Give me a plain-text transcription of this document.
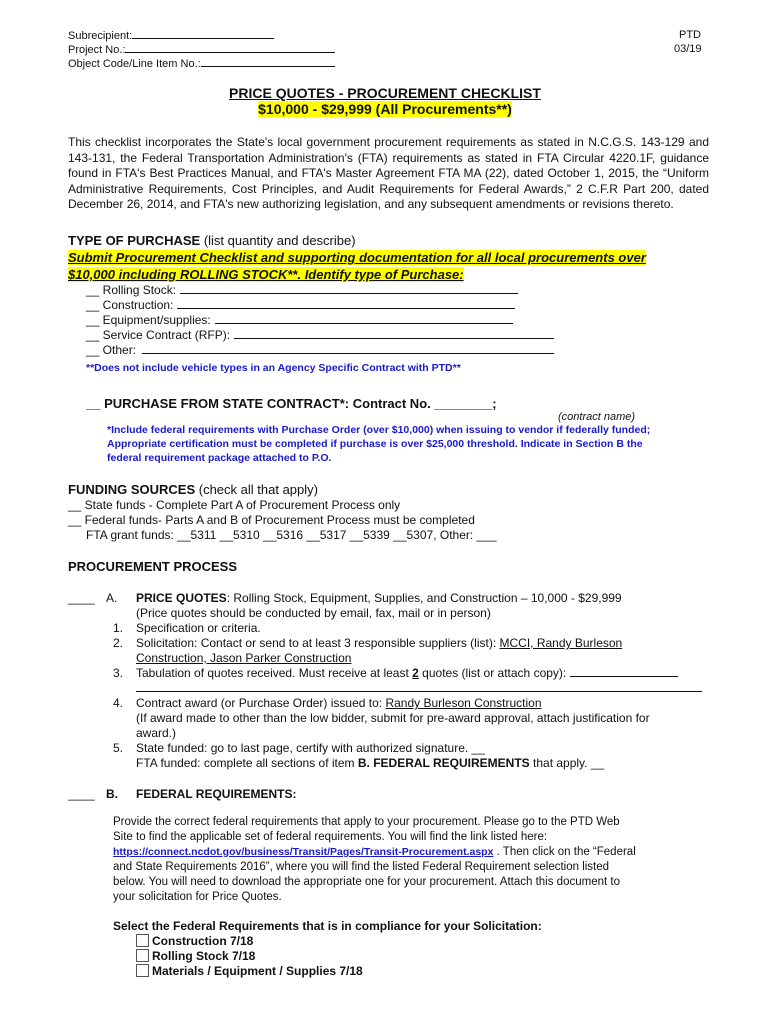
Subrecipient:
Project No.:
Object Code/Line Item No.:
PTD
03/19
PRICE QUOTES - PROCUREMENT CHECKLIST
$10,000 - $29,999 (All Procurements**)
This checklist incorporates the State's local government procurement requirements as stated in N.C.G.S. 143-129 and 143-131, the Federal Transportation Administration's (FTA) requirements as stated in FTA Circular 4220.1F, guidance found in FTA's Best Practices Manual, and FTA's Master Agreement FTA MA (22), dated October 1, 2015, the “Uniform Administrative Requirements, Cost Principles, and Audit Requirements for Federal Awards,” 2 C.F.R Part 200, dated December 26, 2014, and FTA's new authorizing legislation, and any subsequent amendments or revisions thereto.
TYPE OF PURCHASE (list quantity and describe)
Submit Procurement Checklist and supporting documentation for all local procurements over
$10,000 including ROLLING STOCK**. Identify type of Purchase:
__ Rolling Stock:
__ Construction:
__ Equipment/supplies:
__ Service Contract (RFP):
__ Other:
**Does not include vehicle types in an Agency Specific Contract with PTD**
__ PURCHASE FROM STATE CONTRACT*: Contract No. ________;
(contract name)
*Include federal requirements with Purchase Order (over $10,000) when issuing to vendor if federally funded;
Appropriate certification must be completed if purchase is over $25,000 threshold. Indicate in Section B the
federal requirement package attached to P.O.
FUNDING SOURCES (check all that apply)
__ State funds - Complete Part A of Procurement Process only
__ Federal funds- Parts A and B of Procurement Process must be completed
FTA grant funds: __5311 __5310 __5316 __5317 __5339 __5307, Other: ___
PROCUREMENT PROCESS
____ A. PRICE QUOTES: Rolling Stock, Equipment, Supplies, and Construction – 10,000 - $29,999
(Price quotes should be conducted by email, fax, mail or in person)
1. Specification or criteria.
2. Solicitation: Contact or send to at least 3 responsible suppliers (list): MCCI, Randy Burleson
Construction, Jason Parker Construction
3. Tabulation of quotes received. Must receive at least 2 quotes (list or attach copy):
4. Contract award (or Purchase Order) issued to: Randy Burleson Construction
(If award made to other than the low bidder, submit for pre-award approval, attach justification for
award.)
5. State funded: go to last page, certify with authorized signature. __
FTA funded: complete all sections of item B. FEDERAL REQUIREMENTS that apply. __
____ B. FEDERAL REQUIREMENTS:
Provide the correct federal requirements that apply to your procurement. Please go to the PTD Web
Site to find the applicable set of federal requirements. You will find the link listed here:
https://connect.ncdot.gov/business/Transit/Pages/Transit-Procurement.aspx . Then click on the “Federal
and State Requirements 2016”, where you will find the listed Federal Requirement selection listed
below. You will need to download the appropriate one for your procurement. Attach this document to
your solicitation for Price Quotes.
Select the Federal Requirements that is in compliance for your Solicitation:
Construction 7/18
Rolling Stock 7/18
Materials / Equipment / Supplies 7/18
